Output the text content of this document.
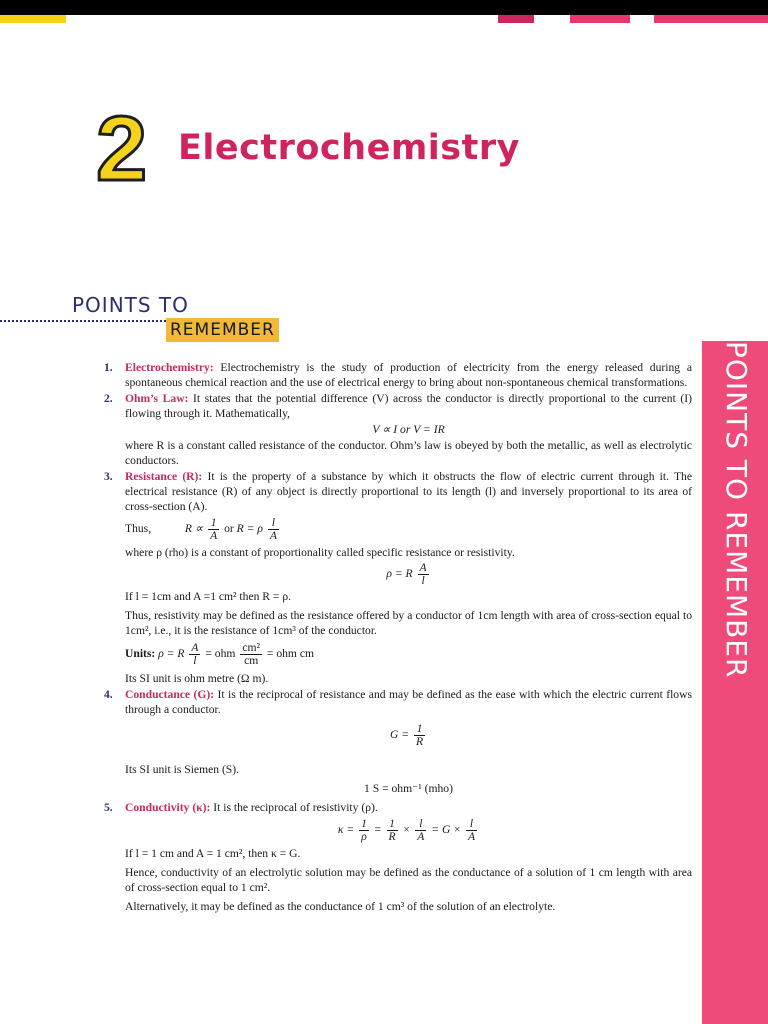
2 Electrochemistry
POINTS TO
REMEMBER
POINTS TO REMEMBER
1. Electrochemistry: Electrochemistry is the study of production of electricity from the energy released during a spontaneous chemical reaction and the use of electrical energy to bring about non-spontaneous chemical transformations.

2. Ohm’s Law: It states that the potential difference (V) across the conductor is directly proportional to the current (I) flowing through it. Mathematically,

V ∝ I or V = IR

where R is a constant called resistance of the conductor. Ohm’s law is obeyed by both the metallic, as well as electrolytic conductors.

3. Resistance (R): It is the property of a substance by which it obstructs the flow of electric current through it. The electrical resistance (R) of any object is directly proportional to its length (l) and inversely proportional to its area of cross-section (A).

Thus,	$R \propto \frac{1}{A}$ or R = ρ $\frac{l}{A}$

where ρ (rho) is a constant of proportionality called specific resistance or resistivity.

ρ = R $\frac{A}{l}$

If l = 1cm and A =1 cm² then R = ρ.

Thus, resistivity may be defined as the resistance offered by a conductor of 1cm length with area of cross-section equal to 1cm², i.e., it is the resistance of 1cm³ of the conductor.

Units: ρ = R $\frac{A}{l}$ = ohm $\frac{\text{cm²}}{cm}$ = ohm cm

Its SI unit is ohm metre (Ω m).

4. Conductance (G): It is the reciprocal of resistance and may be defined as the ease with which the electric current flows through a conductor.

$G = \frac{1}{R}$

Its SI unit is Siemen (S).

1 S = ohm⁻¹ (mho)
5. Conductivity (κ): It is the reciprocal of resistivity (ρ).

$\kappa = \frac{1}{\rho} = \frac{1}{R} \times \frac{l}{A} = G \times \frac{l}{A}$

If l = 1 cm and A = 1 cm², then κ = G.

Hence, conductivity of an electrolytic solution may be defined as the conductance of a solution of 1 cm length with area of cross-section equal to 1 cm².

Alternatively, it may be defined as the conductance of 1 cm³ of the solution of an electrolyte.
